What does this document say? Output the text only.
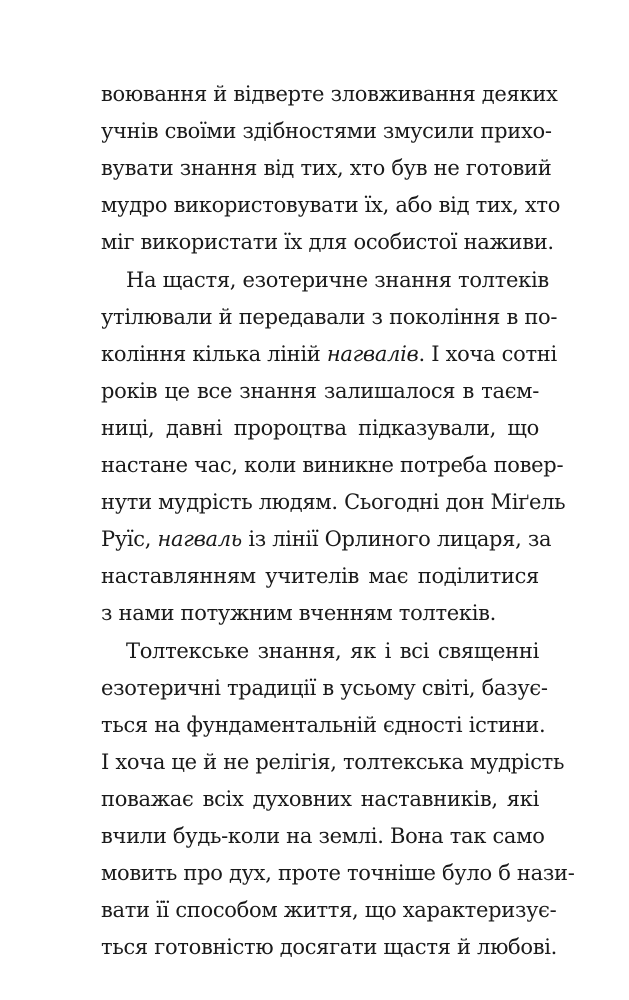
воювання й відверте зловживання деяких
учнів своїми здібностями змусили прихо-
вувати знання від тих, хто був не готовий
мудро використовувати їх, або від тих, хто
міг використати їх для особистої наживи.
На щастя, езотеричне знання толтеків
утілювали й передавали з покоління в по-
коління кілька ліній нагвалів. І хоча сотні
років це все знання залишалося в таєм-
ниці, давні пророцтва підказували, що
настане час, коли виникне потреба повер-
нути мудрість людям. Сьогодні дон Міґель
Руїс, нагваль із лінії Орлиного лицаря, за
наставлянням учителів має поділитися
з нами потужним вченням толтеків.
Толтекське знання, як і всі священні
езотеричні традиції в усьому світі, базує-
ться на фундаментальній єдності істини.
І хоча це й не релігія, толтекська мудрість
поважає всіх духовних наставників, які
вчили будь-коли на землі. Вона так само
мовить про дух, проте точніше було б нази-
вати її способом життя, що характеризує-
ться готовністю досягати щастя й любові.
